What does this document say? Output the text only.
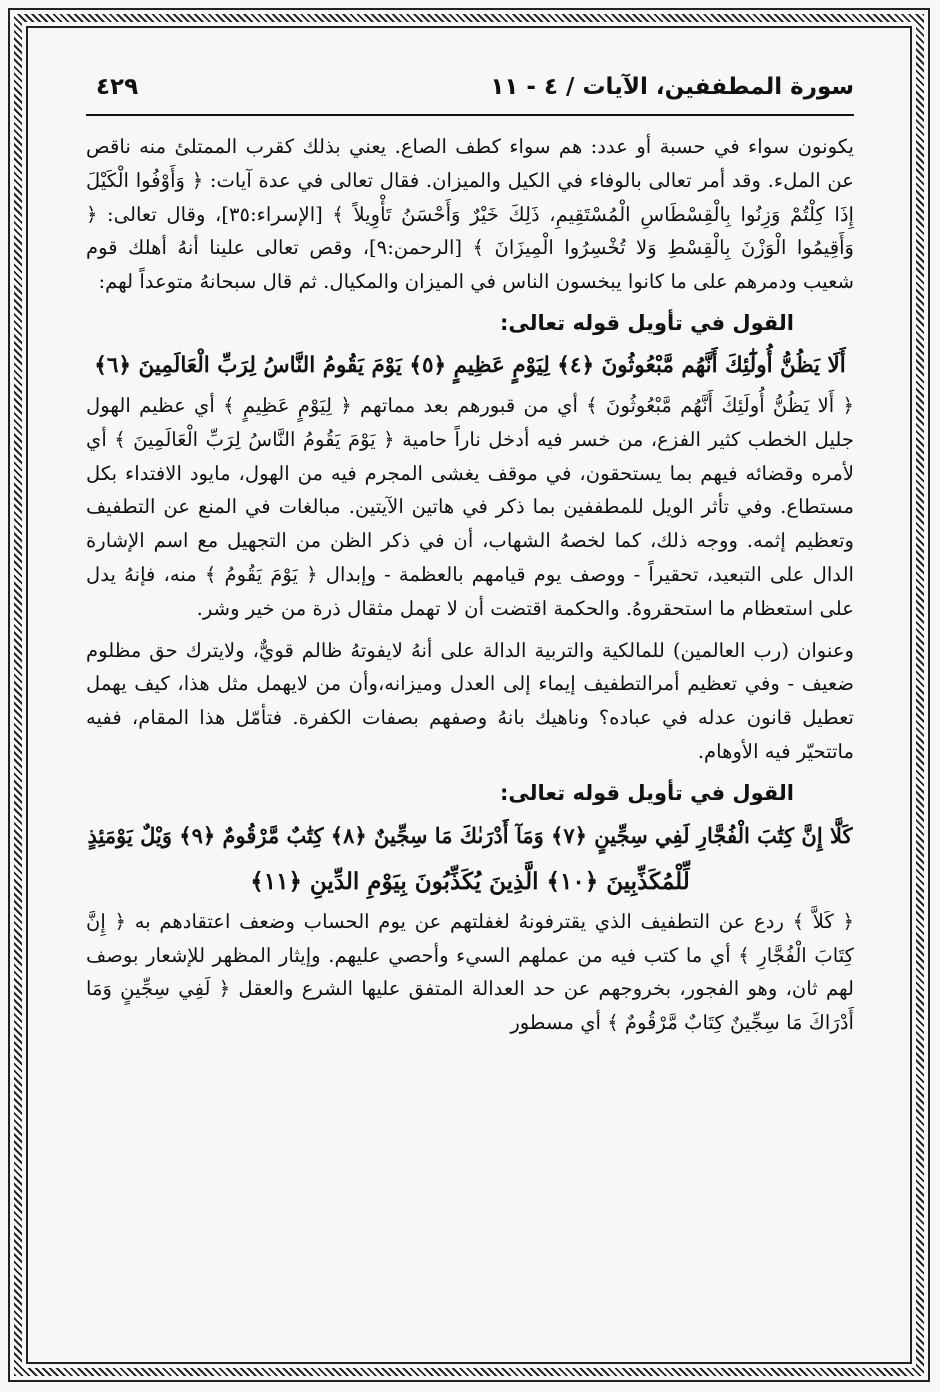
سورة المطففين، الآيات / ٤ - ١١
٤٢٩

يكونون سواء في حسبة أو عدد: هم سواء كطف الصاع. يعني بذلك كقرب الممتلئ منه ناقص عن الملء. وقد أمر تعالى بالوفاء في الكيل والميزان. فقال تعالى في عدة آيات: ﴿ وَأَوْفُوا الْكَيْلَ إِذَا كِلْتُمْ وَزِنُوا بِالْقِسْطَاسِ الْمُسْتَقِيمِ، ذَلِكَ خَيْرٌ وَأَحْسَنُ تَأْوِيلاً ﴾ [الإسراء:٣٥]، وقال تعالى: ﴿ وَأَقِيمُوا الْوَزْنَ بِالْقِسْطِ وَلا تُخْسِرُوا الْمِيزَانَ ﴾ [الرحمن:٩]، وقص تعالى علينا أنهُ أهلك قوم شعيب ودمرهم على ما كانوا يبخسون الناس في الميزان والمكيال. ثم قال سبحانهُ متوعداً لهم:

القول في تأويل قوله تعالى:
أَلَا يَظُنُّ أُولَٰٓئِكَ أَنَّهُم مَّبْعُوثُونَ ﴿٤﴾ لِيَوْمٍ عَظِيمٍ ﴿٥﴾ يَوْمَ يَقُومُ النَّاسُ لِرَبِّ الْعَالَمِينَ ﴿٦﴾

﴿ أَلا يَظُنُّ أُولَئِكَ أَنَّهُم مَّبْعُوثُونَ ﴾ أي من قبورهم بعد مماتهم ﴿ لِيَوْمٍ عَظِيمٍ ﴾ أي عظيم الهول جليل الخطب كثير الفزع، من خسر فيه أدخل ناراً حامية ﴿ يَوْمَ يَقُومُ النَّاسُ لِرَبِّ الْعَالَمِينَ ﴾ أي لأمره وقضائه فيهم بما يستحقون، في موقف يغشى المجرم فيه من الهول، مايود الافتداء بكل مستطاع. وفي تأثر الويل للمطففين بما ذكر في هاتين الآيتين. مبالغات في المنع عن التطفيف وتعظيم إثمه. ووجه ذلك، كما لخصهُ الشهاب، أن في ذكر الظن من التجهيل مع اسم الإشارة الدال على التبعيد، تحقيراً - ووصف يوم قيامهم بالعظمة - وإبدال ﴿ يَوْمَ يَقُومُ ﴾ منه، فإنهُ يدل على استعظام ما استحقروهُ. والحكمة اقتضت أن لا تهمل مثقال ذرة من خير وشر.

وعنوان (رب العالمين) للمالكية والتربية الدالة على أنهُ لايفوتهُ ظالم قويٌّ، ولايترك حق مظلوم ضعيف - وفي تعظيم أمرالتطفيف إيماء إلى العدل وميزانه،وأن من لايهمل مثل هذا، كيف يهمل تعطيل قانون عدله في عباده؟ وناهيك بانهُ وصفهم بصفات الكفرة. فتأمّل هذا المقام، ففيه ماتتحيّر فيه الأوهام.

القول في تأويل قوله تعالى:
كَلَّا إِنَّ كِتَٰبَ الْفُجَّارِ لَفِي سِجِّينٍ ﴿٧﴾ وَمَآ أَدْرَىٰكَ مَا سِجِّينٌ ﴿٨﴾ كِتَٰبٌ مَّرْقُومٌ ﴿٩﴾ وَيْلٌ يَوْمَئِذٍ
لِّلْمُكَذِّبِينَ ﴿١٠﴾ الَّذِينَ يُكَذِّبُونَ بِيَوْمِ الدِّينِ ﴿١١﴾

﴿ كَلاَّ ﴾ ردع عن التطفيف الذي يقترفونهُ لغفلتهم عن يوم الحساب وضعف اعتقادهم به ﴿ إِنَّ كِتَابَ الْفُجَّارِ ﴾ أي ما كتب فيه من عملهم السيء وأحصي عليهم. وإيثار المظهر للإشعار بوصف لهم ثان، وهو الفجور، بخروجهم عن حد العدالة المتفق عليها الشرع والعقل ﴿ لَفِي سِجِّينٍ وَمَا أَدْرَاكَ مَا سِجِّينٌ كِتَابٌ مَّرْقُومٌ ﴾ أي مسطور
